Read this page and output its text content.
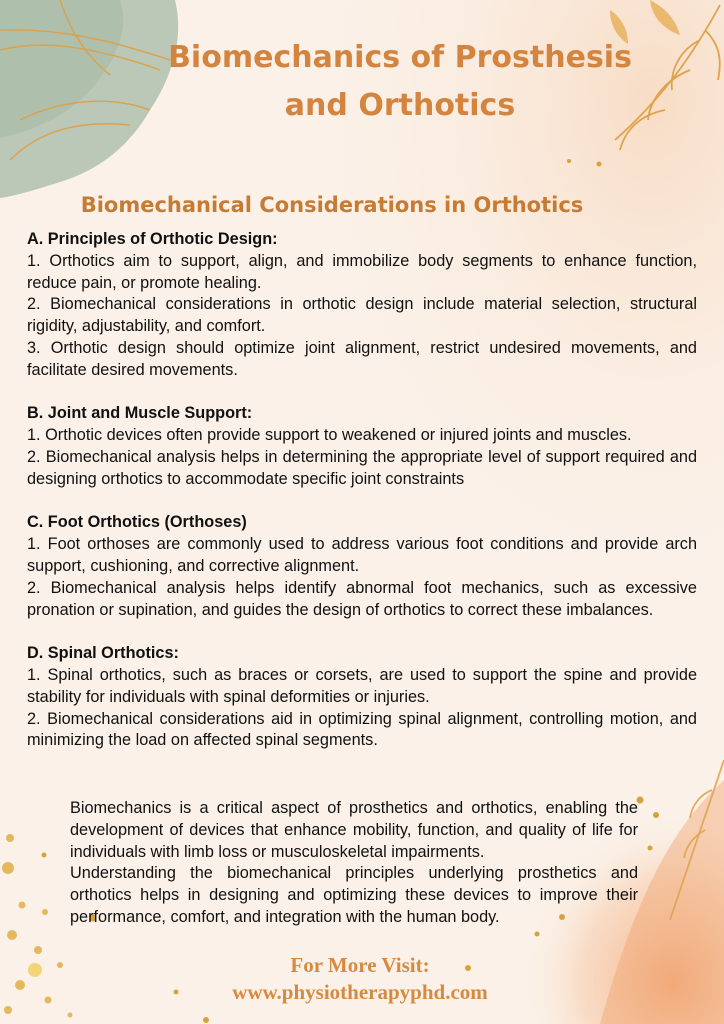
Biomechanics of Prosthesis
and Orthotics
Biomechanical Considerations in Orthotics
A. Principles of Orthotic Design:

1. Orthotics aim to support, align, and immobilize body segments to enhance function, reduce pain, or promote healing.

2. Biomechanical considerations in orthotic design include material selection, structural rigidity, adjustability, and comfort.

3. Orthotic design should optimize joint alignment, restrict undesired movements, and facilitate desired movements.

B. Joint and Muscle Support:

1. Orthotic devices often provide support to weakened or injured joints and muscles.

2. Biomechanical analysis helps in determining the appropriate level of support required and designing orthotics to accommodate specific joint constraints

C. Foot Orthotics (Orthoses)

1. Foot orthoses are commonly used to address various foot conditions and provide arch support, cushioning, and corrective alignment.

2. Biomechanical analysis helps identify abnormal foot mechanics, such as excessive pronation or supination, and guides the design of orthotics to correct these imbalances.

D. Spinal Orthotics:

1. Spinal orthotics, such as braces or corsets, are used to support the spine and provide stability for individuals with spinal deformities or injuries.

2. Biomechanical considerations aid in optimizing spinal alignment, controlling motion, and minimizing the load on affected spinal segments.

Biomechanics is a critical aspect of prosthetics and orthotics, enabling the development of devices that enhance mobility, function, and quality of life for individuals with limb loss or musculoskeletal impairments.

Understanding the biomechanical principles underlying prosthetics and orthotics helps in designing and optimizing these devices to improve their performance, comfort, and integration with the human body.

For More Visit:
www.physiotherapyphd.com
